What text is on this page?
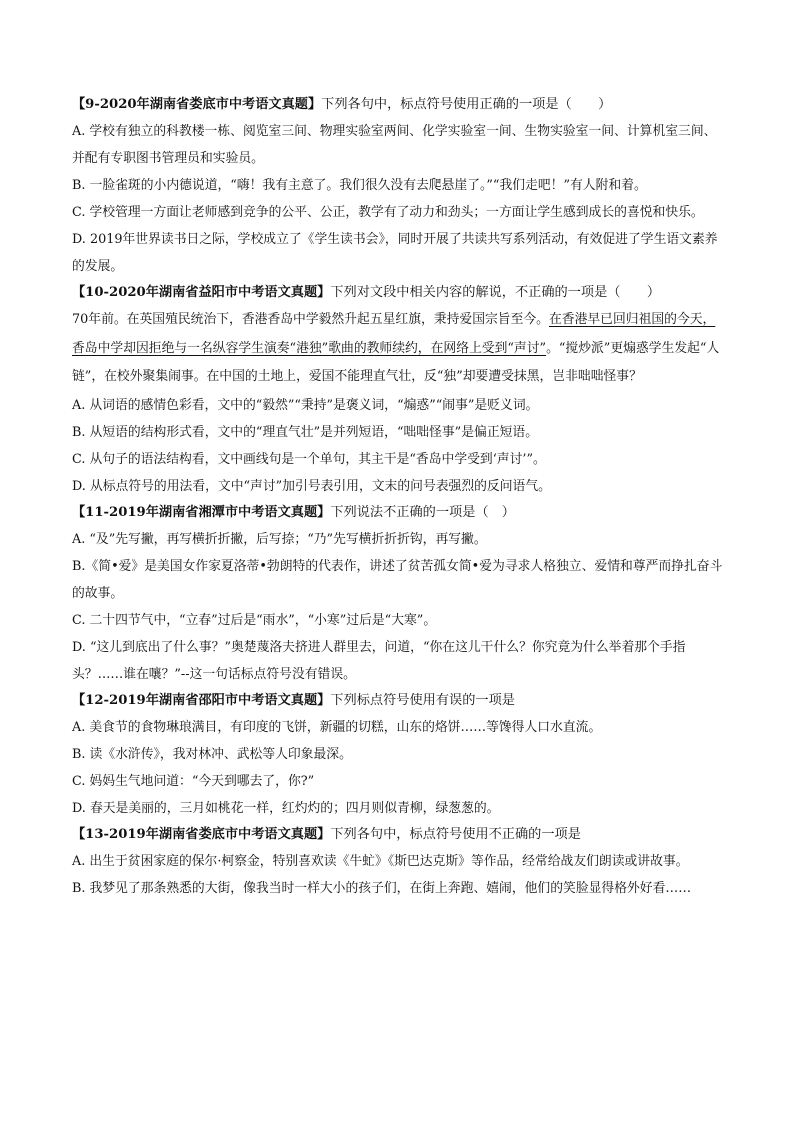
【9-2020年湖南省娄底市中考语文真题】下列各句中，标点符号使用正确的一项是（　　）
A. 学校有独立的科教楼一栋、阅览室三间、物理实验室两间、化学实验室一间、生物实验室一间、计算机室三间、并配有专职图书管理员和实验员。
B. 一脸雀斑的小内德说道，“嗨！我有主意了。我们很久没有去爬悬崖了。”“我们走吧！”有人附和着。
C. 学校管理一方面让老师感到竞争的公平、公正，教学有了动力和劲头；一方面让学生感到成长的喜悦和快乐。
D. 2019年世界读书日之际，学校成立了《学生读书会》，同时开展了共读共写系列活动，有效促进了学生语文素养的发展。
【10-2020年湖南省益阳市中考语文真题】下列对文段中相关内容的解说，不正确的一项是（　　）
70年前。在英国殖民统治下，香港香岛中学毅然升起五星红旗，秉持爱国宗旨至今。在香港早已回归祖国的今天，香岛中学却因拒绝与一名纵容学生演奏“港独”歌曲的教师续约，在网络上受到“声讨”。“搅炒派”更煽惑学生发起“人链”，在校外聚集闹事。在中国的土地上，爱国不能理直气壮，反“独”却要遭受抹黑，岂非咄咄怪事？
A. 从词语的感情色彩看，文中的“毅然”“秉持”是褒义词，“煽惑”“闹事”是贬义词。
B. 从短语的结构形式看，文中的“理直气壮”是并列短语，“咄咄怪事”是偏正短语。
C. 从句子的语法结构看，文中画线句是一个单句，其主干是“香岛中学受到‘声讨’”。
D. 从标点符号的用法看，文中“声讨”加引号表引用，文末的问号表强烈的反问语气。
【11-2019年湖南省湘潭市中考语文真题】下列说法不正确的一项是（　）
A. “及”先写撇，再写横折折撇，后写捺；“乃”先写横折折折钩，再写撇。
B.《简•爱》是美国女作家夏洛蒂•勃朗特的代表作，讲述了贫苦孤女简•爱为寻求人格独立、爱情和尊严而挣扎奋斗的故事。
C. 二十四节气中，“立春”过后是“雨水”，“小寒”过后是“大寒”。
D. “这儿到底出了什么事？”奥楚蔑洛夫挤进人群里去，问道，“你在这儿干什么？你究竟为什么举着那个手指头？……谁在嚷？”--这一句话标点符号没有错误。
【12-2019年湖南省邵阳市中考语文真题】下列标点符号使用有误的一项是
A. 美食节的食物琳琅满目，有印度的飞饼，新疆的切糕，山东的烙饼……等馋得人口水直流。
B. 读《水浒传》，我对林冲、武松等人印象最深。
C. 妈妈生气地问道：“今天到哪去了，你?”
D. 春天是美丽的，三月如桃花一样，红灼灼的；四月则似青柳，绿葱葱的。
【13-2019年湖南省娄底市中考语文真题】下列各句中，标点符号使用不正确的一项是
A. 出生于贫困家庭的保尔·柯察金，特别喜欢读《牛虻》《斯巴达克斯》等作品，经常给战友们朗读或讲故事。
B. 我梦见了那条熟悉的大街，像我当时一样大小的孩子们，在街上奔跑、嬉闹，他们的笑脸显得格外好看……
